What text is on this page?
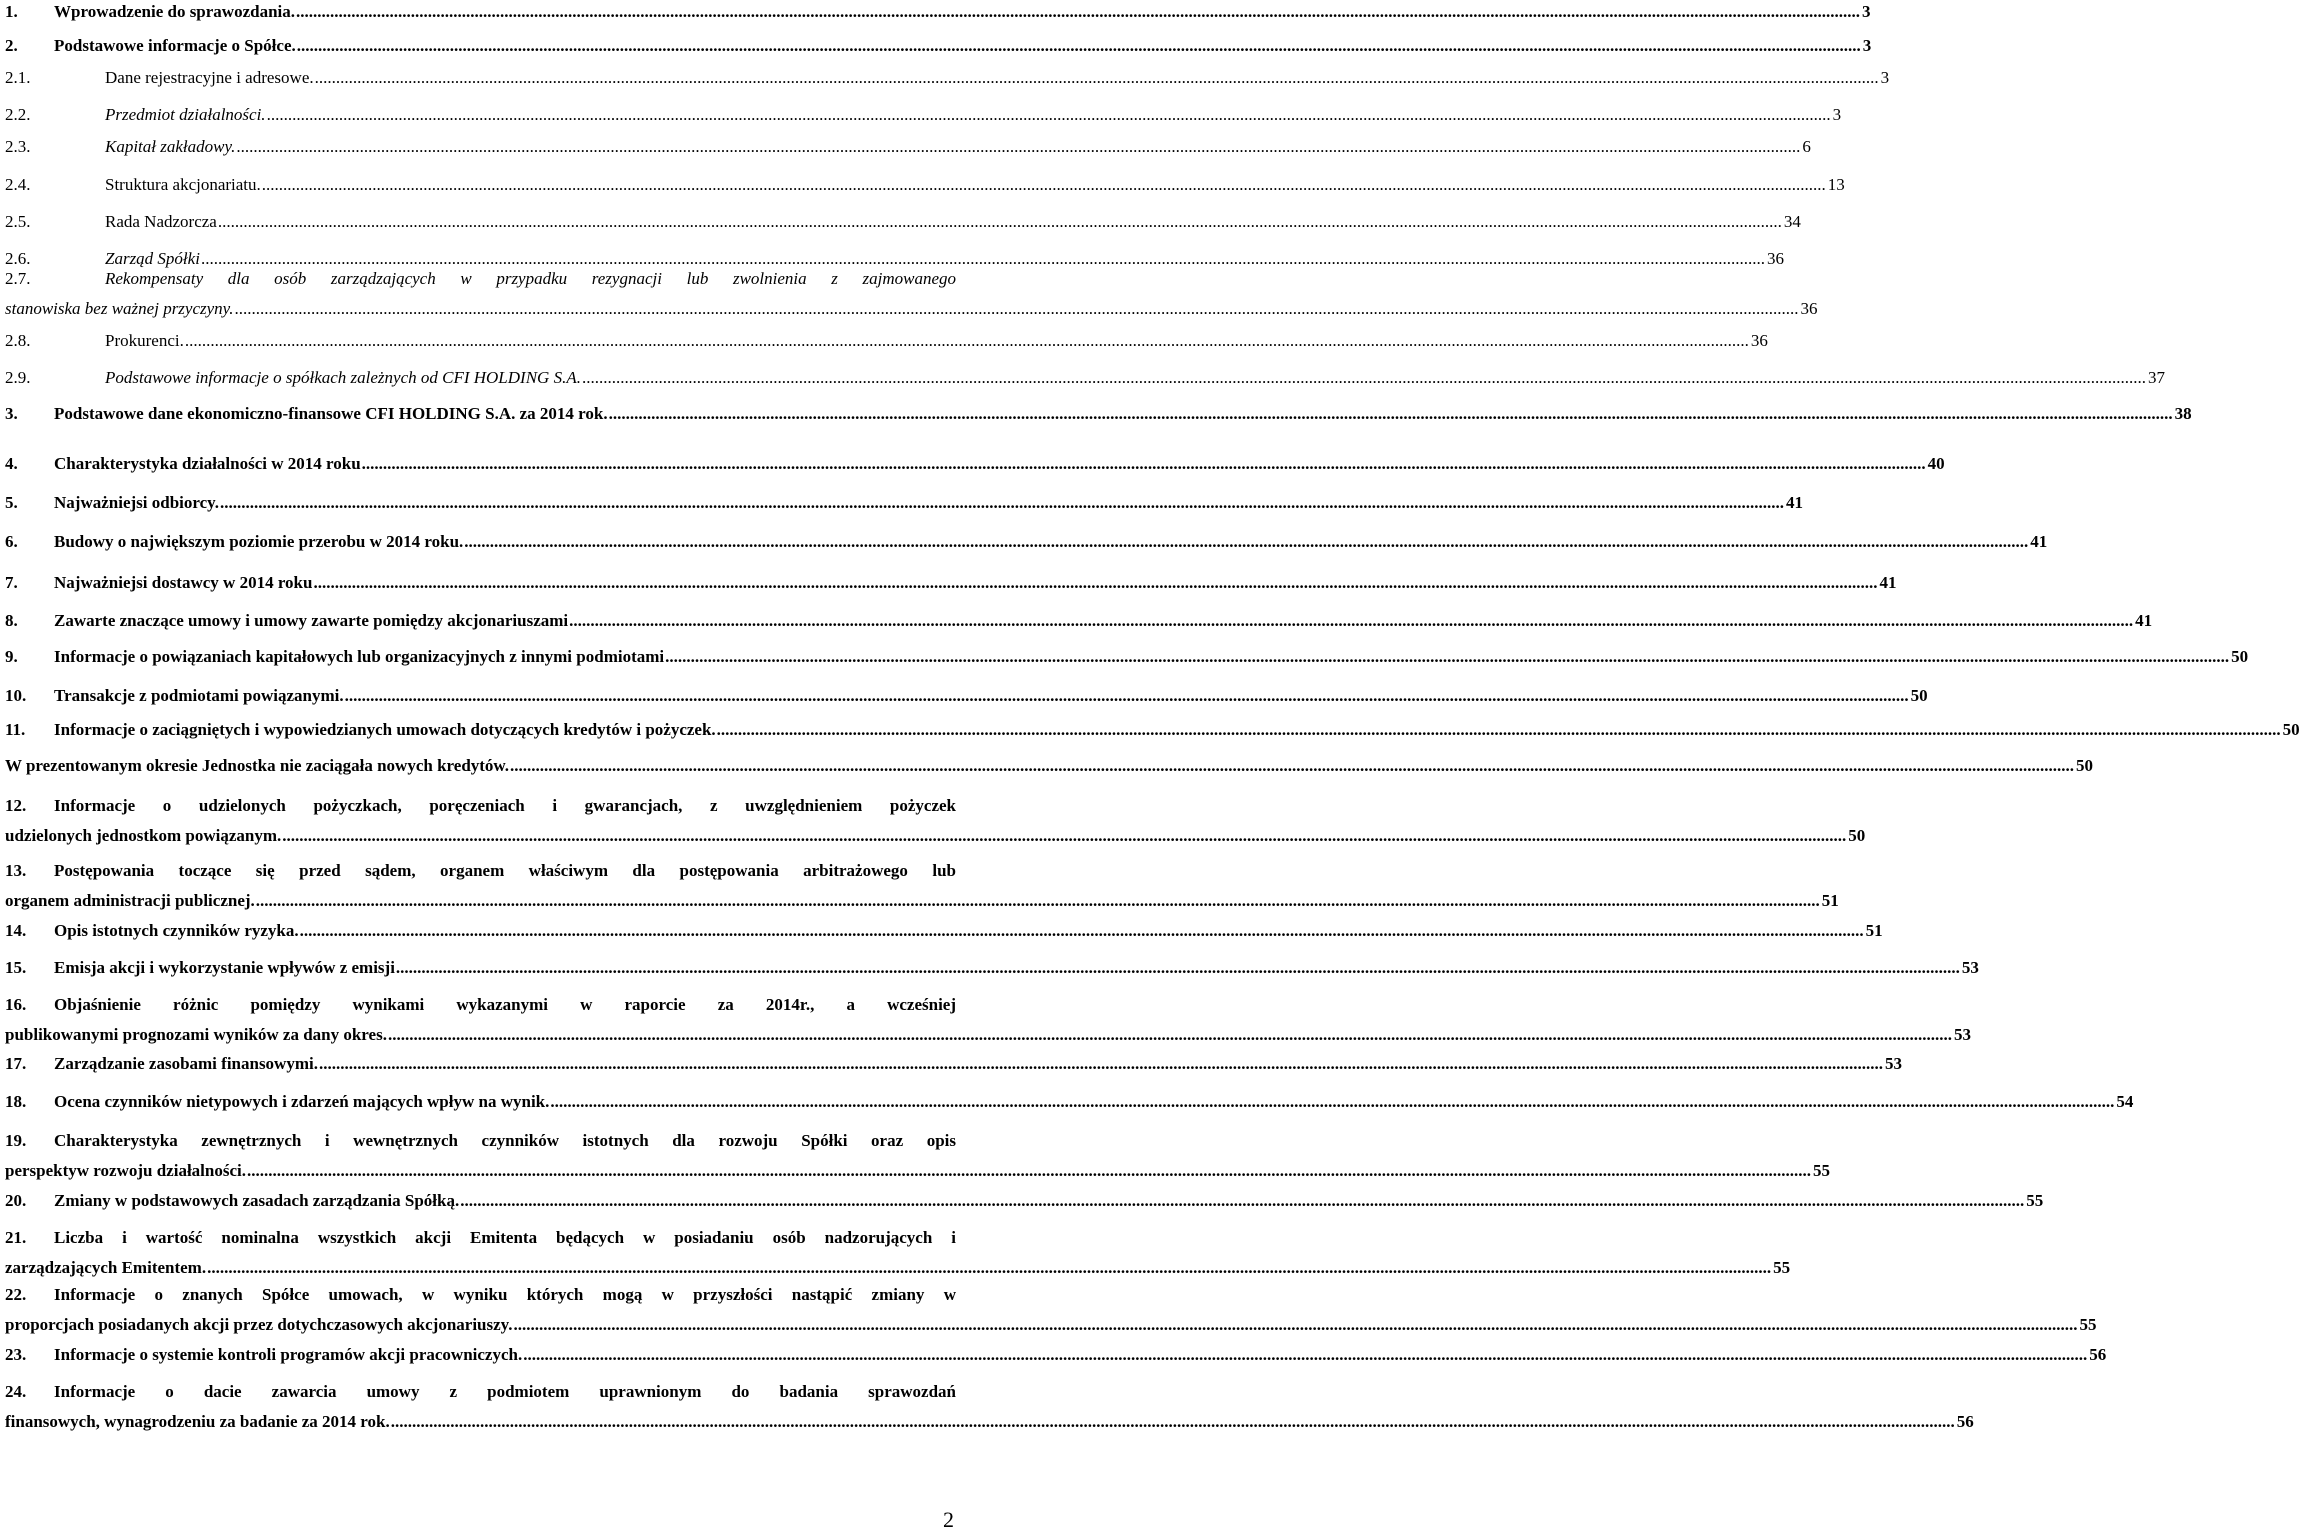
1.	Wprowadzenie do sprawozdania. .....	3
2.	Podstawowe informacje o Spółce. .....	3
2.1.	Dane rejestracyjne i adresowe. .....	3
2.2.	Przedmiot działalności. .....	3
2.3.	Kapitał zakładowy. .....	6
2.4.	Struktura akcjonariatu. .....	13
2.5.	Rada Nadzorcza .....	34
2.6.	Zarząd Spółki .....	36
2.7.	Rekompensaty dla osób zarządzających w przypadku rezygnacji lub zwolnienia z zajmowanego
stanowiska bez ważnej przyczyny. .....	36
2.8.	Prokurenci. .....	36
2.9.	Podstawowe informacje o spółkach zależnych od CFI HOLDING S.A. .....	37
3.	Podstawowe dane ekonomiczno-finansowe CFI HOLDING S.A. za 2014 rok. .....	38
4.	Charakterystyka działalności w 2014 roku .....	40
5.	Najważniejsi odbiorcy. .....	41
6.	Budowy o największym poziomie przerobu w 2014 roku. .....	41
7.	Najważniejsi dostawcy w 2014 roku .....	41
8.	Zawarte znaczące umowy i umowy zawarte pomiędzy akcjonariuszami .....	41
9.	Informacje o powiązaniach kapitałowych lub organizacyjnych z innymi podmiotami .....	50
10.	Transakcje z podmiotami powiązanymi. .....	50
11.	Informacje o zaciągniętych i wypowiedzianych umowach dotyczących kredytów i pożyczek. .....	50
W prezentowanym okresie Jednostka nie zaciągała nowych kredytów. .....	50
12.	Informacje o udzielonych pożyczkach, poręczeniach i gwarancjach, z uwzględnieniem pożyczek
udzielonych jednostkom powiązanym. .....	50
13.	Postępowania toczące się przed sądem, organem właściwym dla postępowania arbitrażowego lub
organem administracji publicznej. .....	51
14.	Opis istotnych czynników ryzyka. .....	51
15.	Emisja akcji i wykorzystanie wpływów z emisji .....	53
16.	Objaśnienie różnic pomiędzy wynikami wykazanymi w raporcie za 2014r., a wcześniej
publikowanymi prognozami wyników za dany okres. .....	53
17.	Zarządzanie zasobami finansowymi. .....	53
18.	Ocena czynników nietypowych i zdarzeń mających wpływ na wynik. .....	54
19.	Charakterystyka zewnętrznych i wewnętrznych czynników istotnych dla rozwoju Spółki oraz opis
perspektyw rozwoju działalności. .....	55
20.	Zmiany w podstawowych zasadach zarządzania Spółką. .....	55
21.	Liczba i wartość nominalna wszystkich akcji Emitenta będących w posiadaniu osób nadzorujących i
zarządzających Emitentem. .....	55
22.	Informacje o znanych Spółce umowach, w wyniku których mogą w przyszłości nastąpić zmiany w
proporcjach posiadanych akcji przez dotychczasowych akcjonariuszy. .....	55
23.	Informacje o systemie kontroli programów akcji pracowniczych. .....	56
24.	Informacje o dacie zawarcia umowy z podmiotem uprawnionym do badania sprawozdań
finansowych, wynagrodzeniu za badanie za 2014 rok. .....	56
2
